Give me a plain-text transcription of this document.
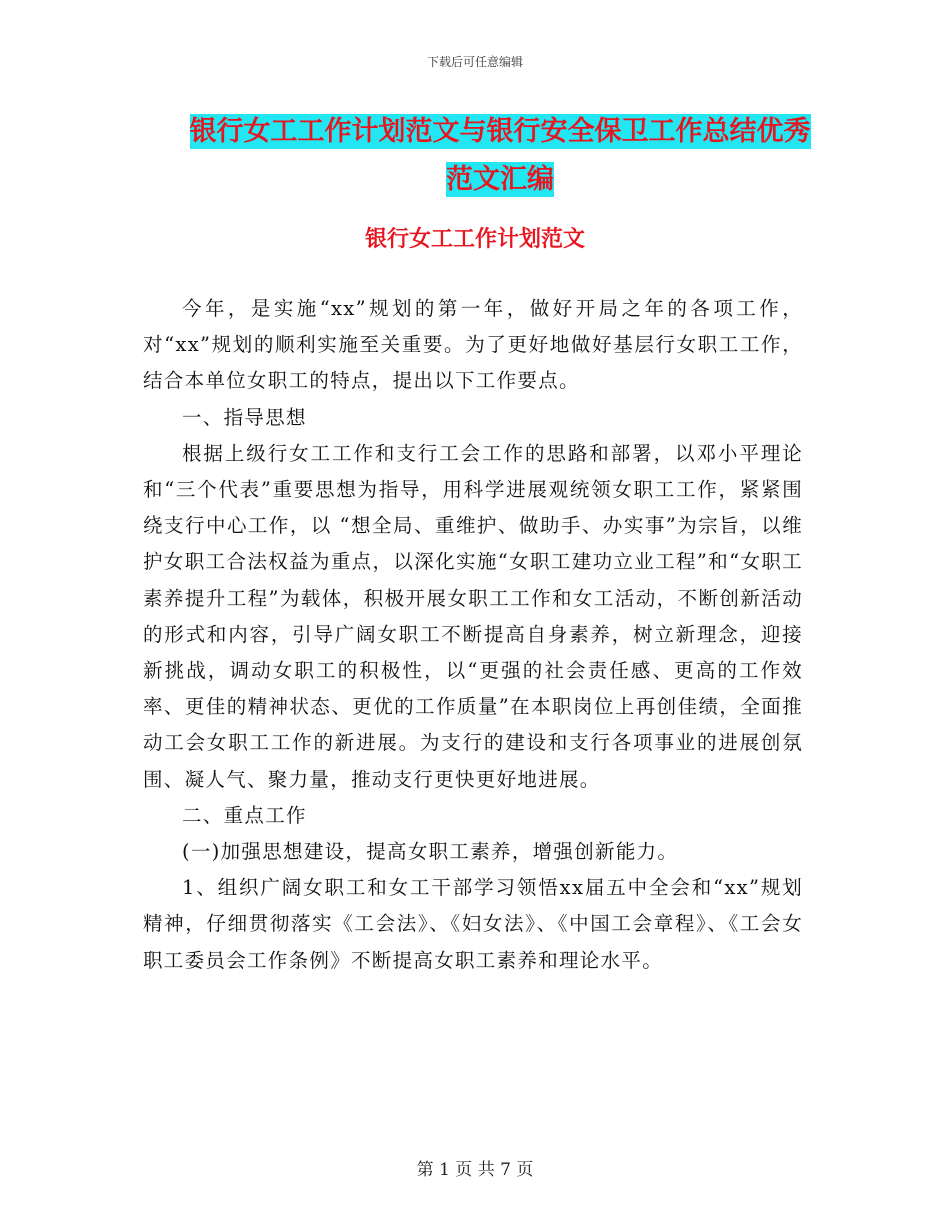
下载后可任意编辑
银行女工工作计划范文与银行安全保卫工作总结优秀
范文汇编
银行女工工作计划范文

今年，是实施“xx”规划的第一年，做好开局之年的各项工作，对“xx”规划的顺利实施至关重要。为了更好地做好基层行女职工工作，结合本单位女职工的特点，提出以下工作要点。

一、指导思想

根据上级行女工工作和支行工会工作的思路和部署，以邓小平理论和“三个代表”重要思想为指导，用科学进展观统领女职工工作，紧紧围绕支行中心工作，以 “想全局、重维护、做助手、办实事”为宗旨，以维护女职工合法权益为重点，以深化实施“女职工建功立业工程”和“女职工素养提升工程”为载体，积极开展女职工工作和女工活动，不断创新活动的形式和内容，引导广阔女职工不断提高自身素养，树立新理念，迎接新挑战，调动女职工的积极性，以“更强的社会责任感、更高的工作效率、更佳的精神状态、更优的工作质量”在本职岗位上再创佳绩，全面推动工会女职工工作的新进展。为支行的建设和支行各项事业的进展创氛围、凝人气、聚力量，推动支行更快更好地进展。

二、重点工作

(一)加强思想建设，提高女职工素养，增强创新能力。

1、组织广阔女职工和女工干部学习领悟xx届五中全会和“xx”规划精神，仔细贯彻落实《工会法》、《妇女法》、《中国工会章程》、《工会女职工委员会工作条例》不断提高女职工素养和理论水平。

第 1 页 共 7 页
